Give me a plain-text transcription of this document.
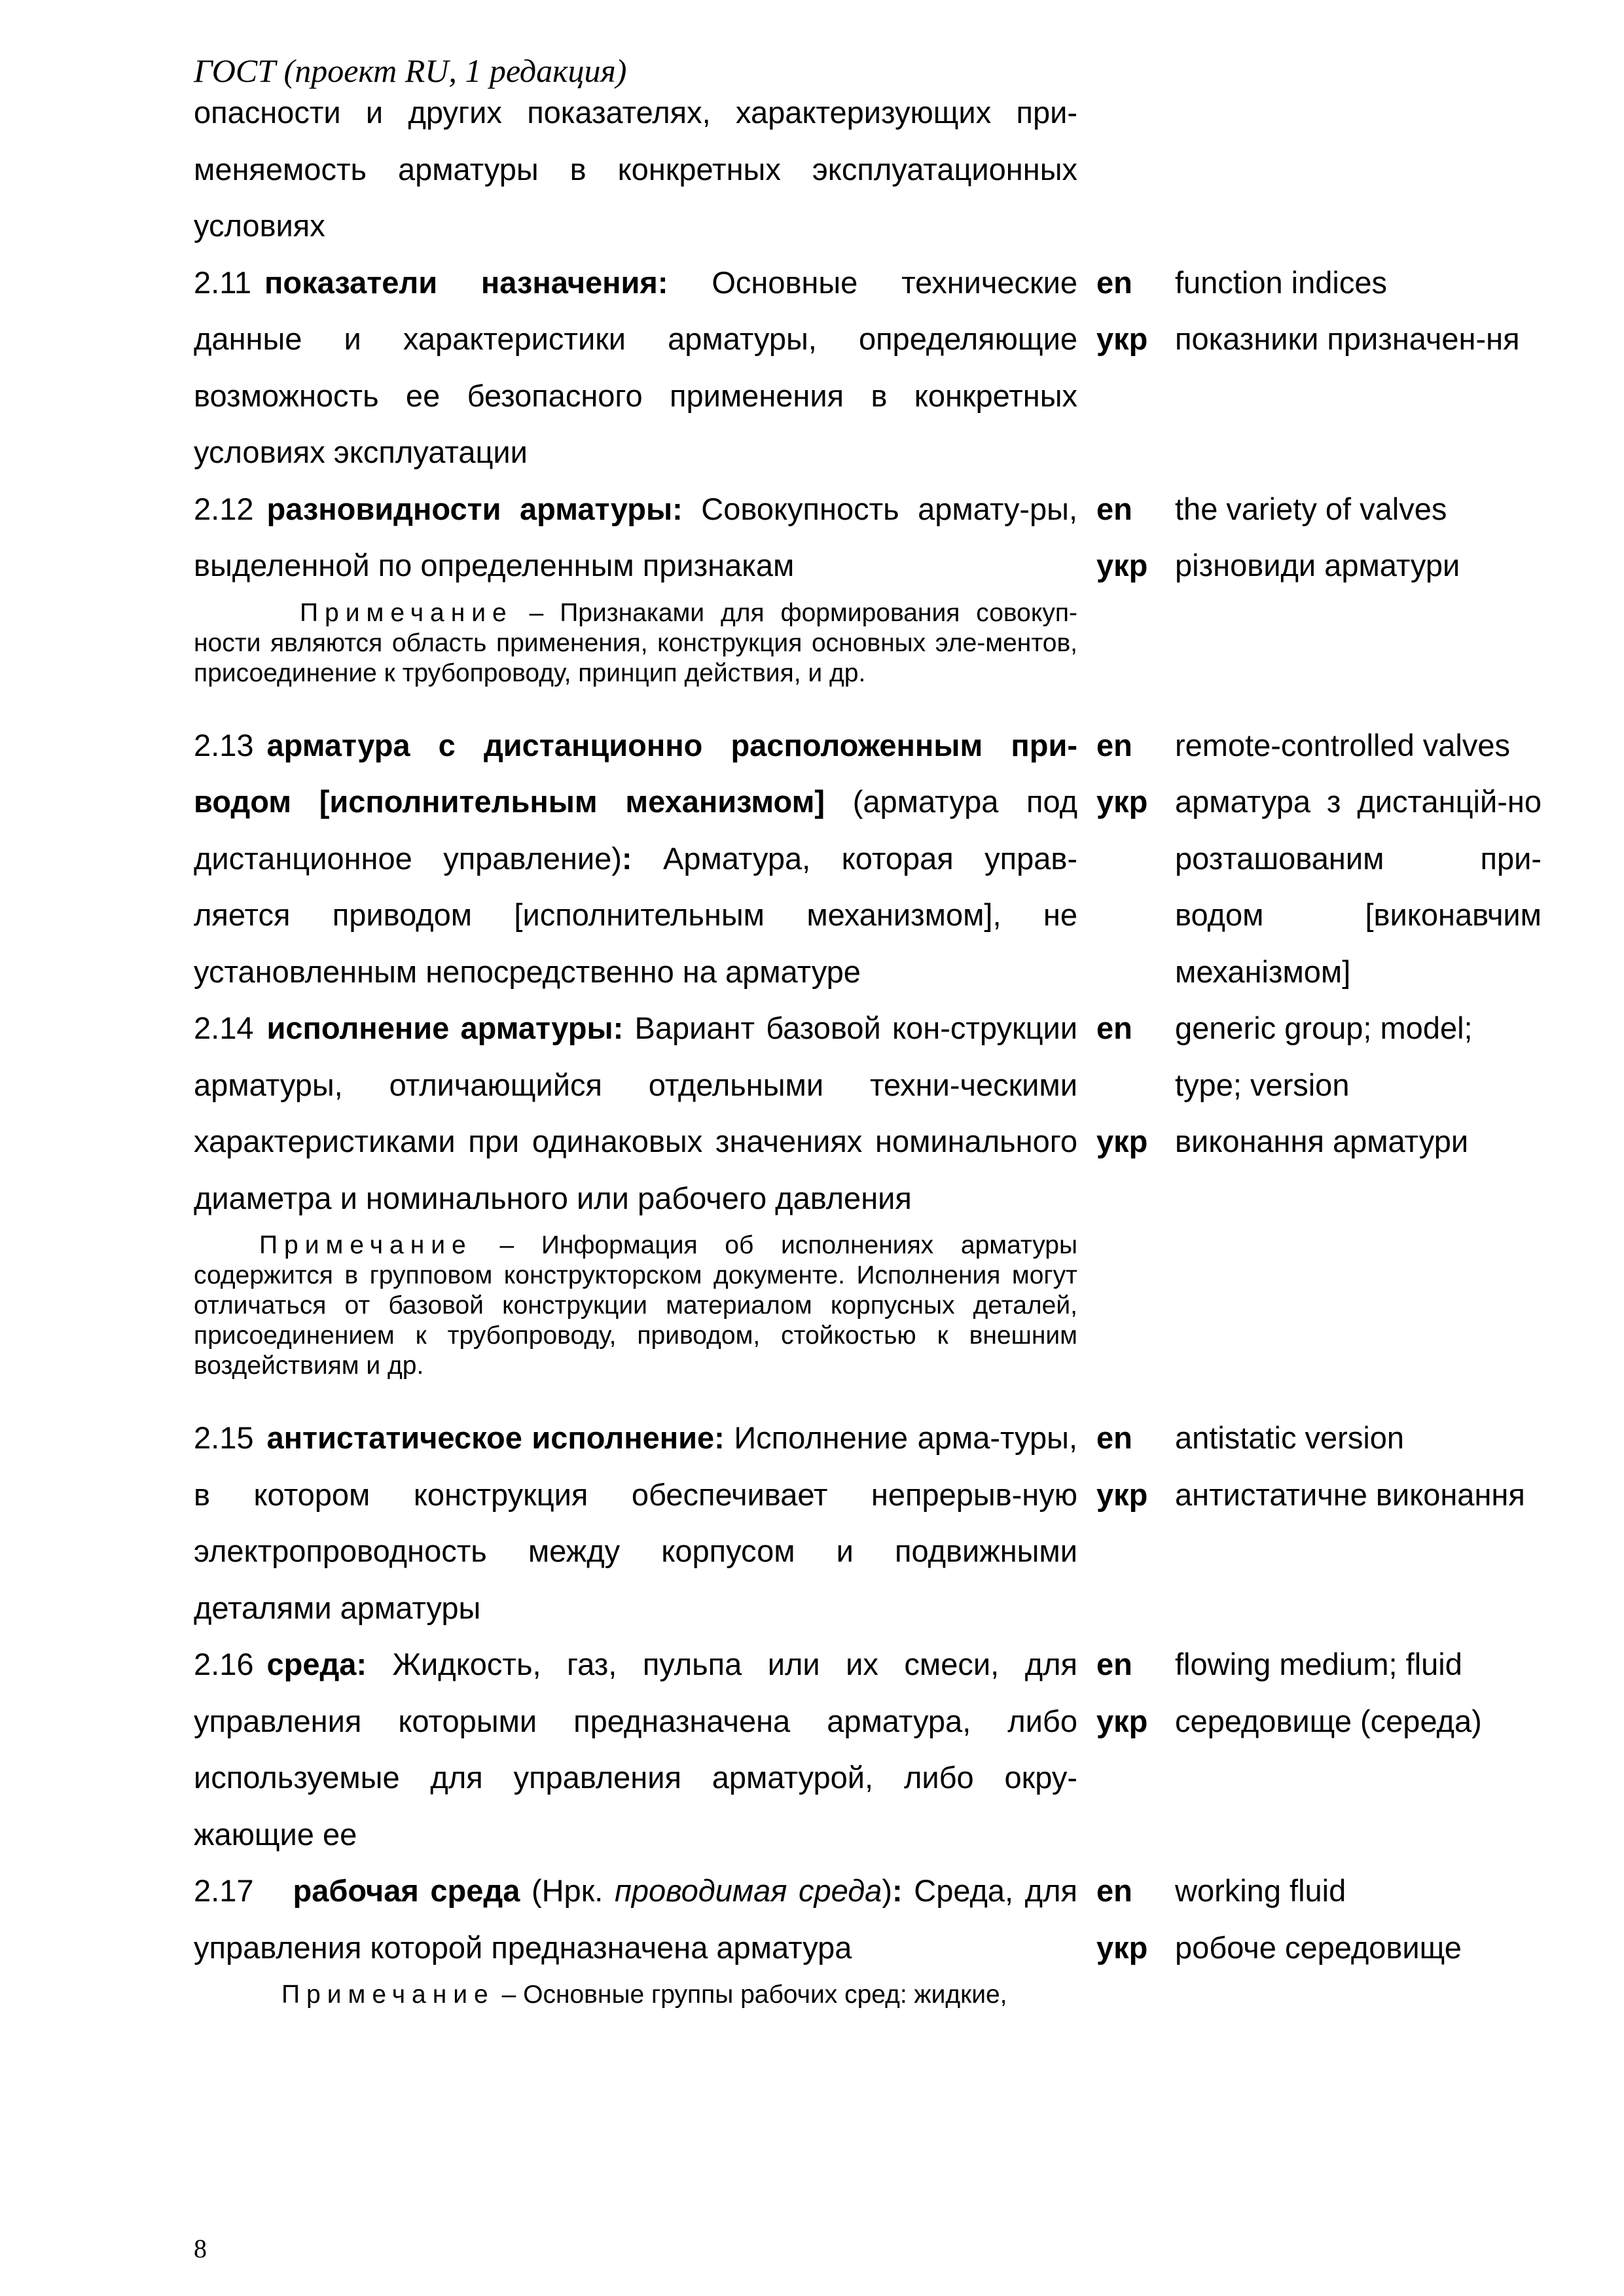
ГОСТ (проект RU, 1 редакция)
опасности и других показателях, характеризующих при- меняемость арматуры в конкретных эксплуатационных условиях
2.11 показатели назначения: Основные технические данные и характеристики арматуры, определяющие возможность ее безопасного применения в конкретных условиях эксплуатации
en	function indices
укр показники призначен-ня
2.12 разновидности арматуры: Совокупность армату-ры, выделенной по определенным признакам
en	the variety of valves
укр різновиди арматури
Примечание – Признаками для формирования совокуп-ности являются область применения, конструкция основных эле-ментов, присоединение к трубопроводу, принцип действия, и др.
2.13 арматура с дистанционно расположенным при-водом [исполнительным механизмом] (арматура под дистанционное управление): Арматура, которая управ-ляется приводом [исполнительным механизмом], не установленным непосредственно на арматуре
en	remote-controlled valves
укр арматура з дистанцій-но розташованим при-водом [виконавчим механізмом]
2.14 исполнение арматуры: Вариант базовой кон-струкции арматуры, отличающийся отдельными техни-ческими характеристиками при одинаковых значениях номинального диаметра и номинального или рабочего давления
en	generic group; model; type; version
укр виконання арматури
Примечание – Информация об исполнениях арматуры содержится в групповом конструкторском документе. Исполнения могут отличаться от базовой конструкции материалом корпусных деталей, присоединением к трубопроводу, приводом, стойкостью к внешним воздействиям и др.
2.15 антистатическое исполнение: Исполнение арма-туры, в котором конструкция обеспечивает непрерыв-ную электропроводность между корпусом и подвижными деталями арматуры
en	antistatic version
укр антистатичне виконання
2.16 среда: Жидкость, газ, пульпа или их смеси, для управления которыми предназначена арматура, либо используемые для управления арматурой, либо окру-жающие ее
en	flowing medium; fluid
укр середовище (середа)
2.17 рабочая среда (Нрк. проводимая среда): Среда, для управления которой предназначена арматура
en	working fluid
укр робоче середовище
Примечание – Основные группы рабочих сред: жидкие,
8
